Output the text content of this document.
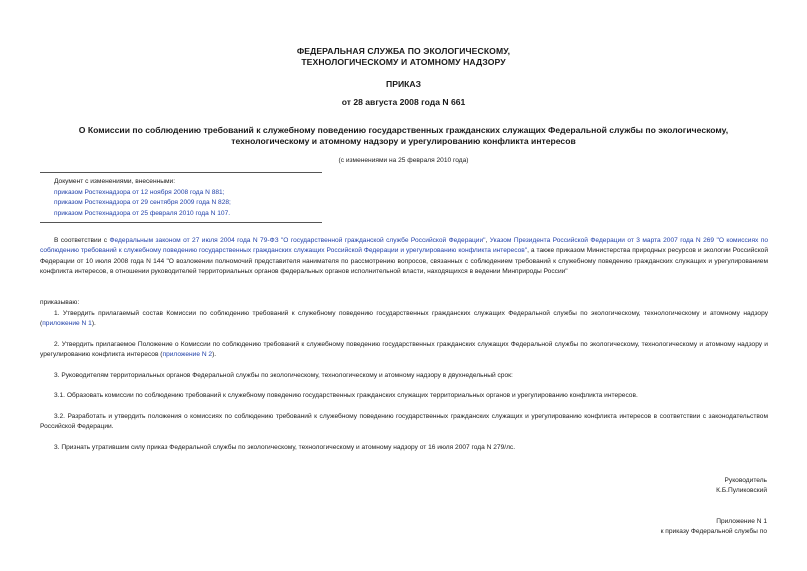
ФЕДЕРАЛЬНАЯ СЛУЖБА ПО ЭКОЛОГИЧЕСКОМУ,
ТЕХНОЛОГИЧЕСКОМУ И АТОМНОМУ НАДЗОРУ
ПРИКАЗ
от 28 августа 2008 года N 661
О Комиссии по соблюдению требований к служебному поведению государственных гражданских служащих Федеральной службы по экологическому,
технологическому и атомному надзору и урегулированию конфликта интересов
(с изменениями на 25 февраля 2010 года)
Документ с изменениями, внесенными:
приказом Ростехнадзора от 12 ноября 2008 года N 881;
приказом Ростехнадзора от 29 сентября 2009 года N 828;
приказом Ростехнадзора от 25 февраля 2010 года N 107.
В соответствии с Федеральным законом от 27 июля 2004 года N 79-ФЗ "О государственной гражданской службе Российской Федерации", Указом Президента Российской Федерации от 3 марта 2007 года N 269 "О комиссиях по соблюдению требований к служебному поведению государственных гражданских служащих Российской Федерации и урегулированию конфликта интересов", а также приказом Министерства природных ресурсов и экологии Российской Федерации от 10 июля 2008 года N 144 "О возложении полномочий представителя нанимателя по рассмотрению вопросов, связанных с соблюдением требований к служебному поведению гражданских служащих и урегулированием конфликта интересов, в отношении руководителей территориальных органов федеральных органов исполнительной власти, находящихся в ведении Минприроды России"
приказываю:
1. Утвердить прилагаемый состав Комиссии по соблюдению требований к служебному поведению государственных гражданских служащих Федеральной службы по экологическому, технологическому и атомному надзору (приложение N 1).
2. Утвердить прилагаемое Положение о Комиссии по соблюдению требований к служебному поведению государственных гражданских служащих Федеральной службы по экологическому, технологическому и атомному надзору и урегулированию конфликта интересов (приложение N 2).
3. Руководителям территориальных органов Федеральной службы по экологическому, технологическому и атомному надзору в двухнедельный срок:
3.1. Образовать комиссии по соблюдению требований к служебному поведению государственных гражданских служащих территориальных органов и урегулированию конфликта интересов.
3.2. Разработать и утвердить положения о комиссиях по соблюдению требований к служебному поведению государственных гражданских служащих и урегулированию конфликта интересов в соответствии с законодательством Российской Федерации.
3. Признать утратившим силу приказ Федеральной службы по экологическому, технологическому и атомному надзору от 16 июля 2007 года N 279/лс.
Руководитель
К.Б.Пуликовский
Приложение N 1
к приказу Федеральной службы по
